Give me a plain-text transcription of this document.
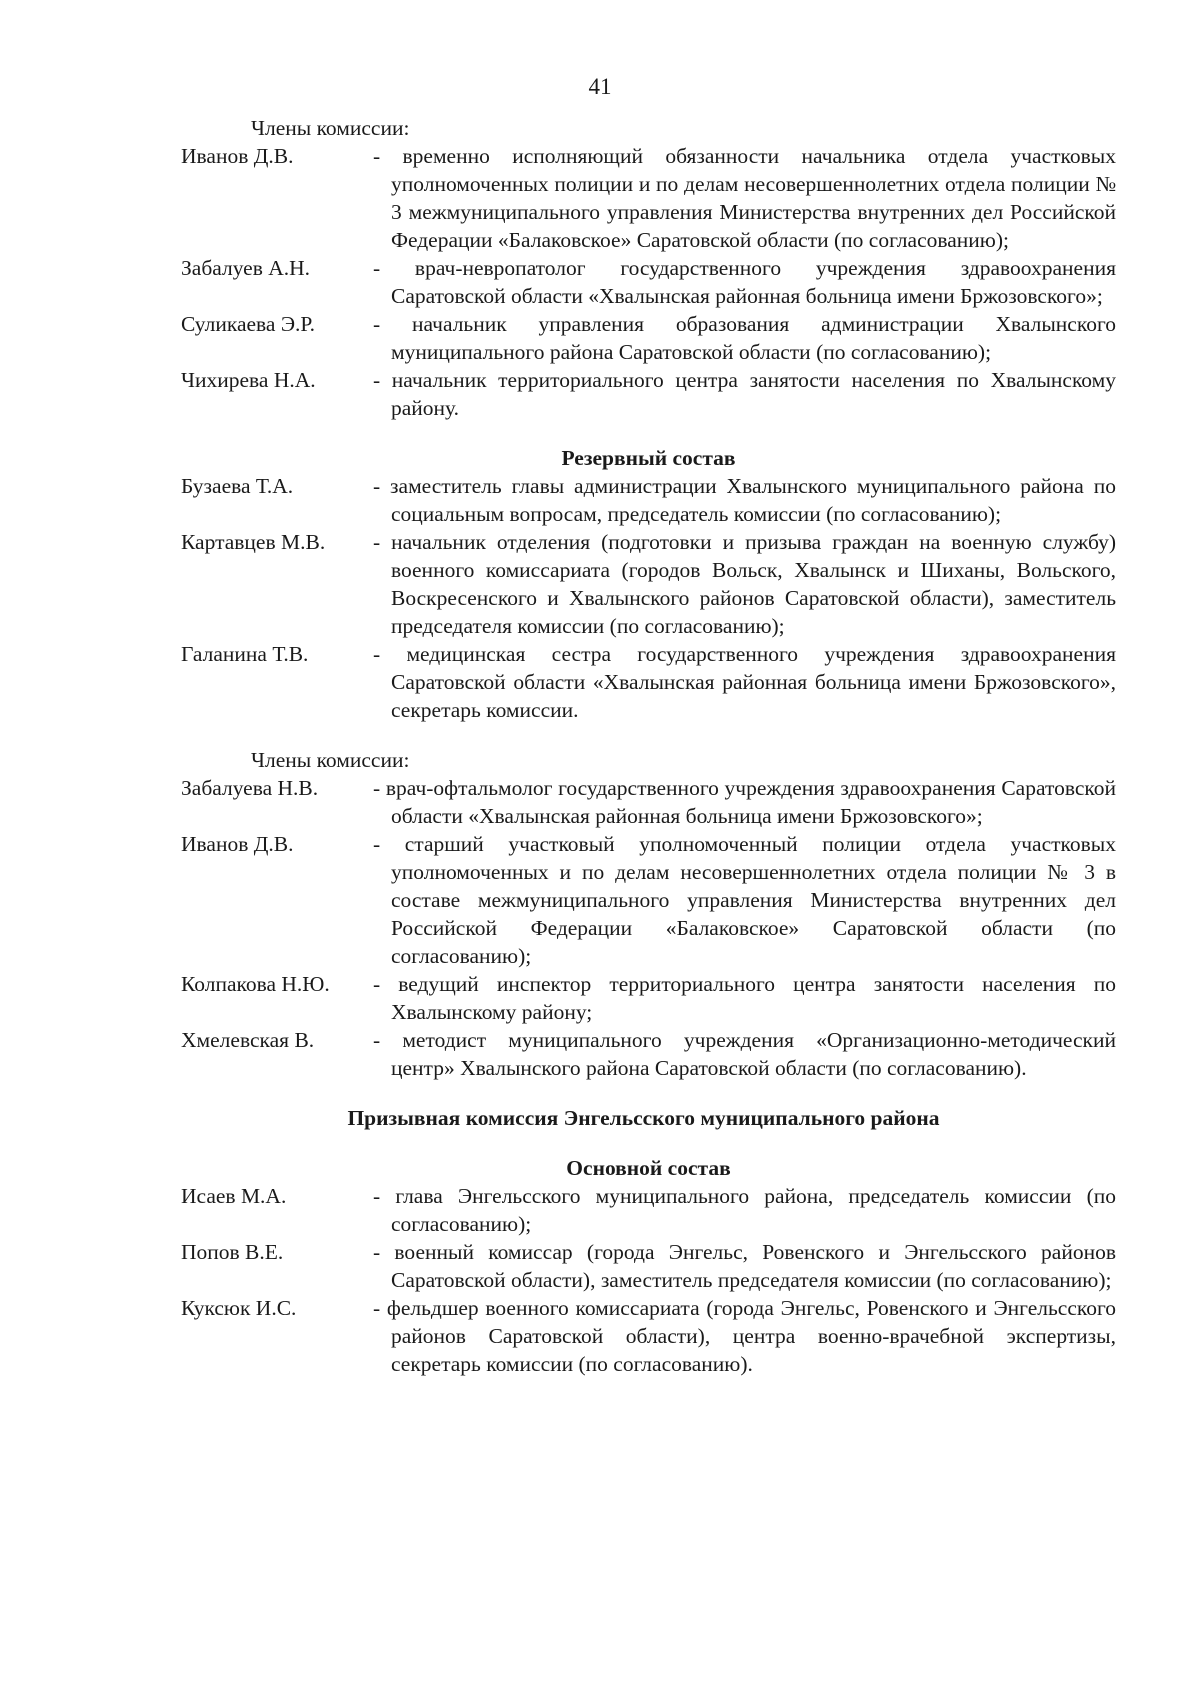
41
Члены комиссии:
Иванов Д.В.	- временно исполняющий обязанности начальника отдела участковых уполномоченных полиции и по делам несовершеннолетних отдела полиции № 3 межмуниципального управления Министерства внутренних дел Российской Федерации «Балаковское» Саратовской области (по согласованию);
Забалуев А.Н.	- врач-невропатолог государственного учреждения здравоохранения Саратовской области «Хвалынская районная больница имени Бржозовского»;
Суликаева Э.Р.	- начальник управления образования администрации Хвалынского муниципального района Саратовской области (по согласованию);
Чихирева Н.А.	- начальник территориального центра занятости населения по Хвалынскому району.
Резервный состав
Бузаева Т.А.	- заместитель главы администрации Хвалынского муниципального района по социальным вопросам, председатель комиссии (по согласованию);
Картавцев М.В.	- начальник отделения (подготовки и призыва граждан на военную службу) военного комиссариата (городов Вольск, Хвалынск и Шиханы, Вольского, Воскресенского и Хвалынского районов Саратовской области), заместитель председателя комиссии (по согласованию);
Галанина Т.В.	- медицинская сестра государственного учреждения здравоохранения Саратовской области «Хвалынская районная больница имени Бржозовского», секретарь комиссии.
Члены комиссии:
Забалуева Н.В.	- врач-офтальмолог государственного учреждения здравоохранения Саратовской области «Хвалынская районная больница имени Бржозовского»;
Иванов Д.В.	- старший участковый уполномоченный полиции отдела участковых уполномоченных и по делам несовершеннолетних отдела полиции № 3 в составе межмуниципального управления Министерства внутренних дел Российской Федерации «Балаковское» Саратовской области (по согласованию);
Колпакова Н.Ю.	- ведущий инспектор территориального центра занятости населения по Хвалынскому району;
Хмелевская В.	- методист муниципального учреждения «Организационно-методический центр» Хвалынского района Саратовской области (по согласованию).
Призывная комиссия Энгельсского муниципального района
Основной состав
Исаев М.А.	- глава Энгельсского муниципального района, председатель комиссии (по согласованию);
Попов В.Е.	- военный комиссар (города Энгельс, Ровенского и Энгельсского районов Саратовской области), заместитель председателя комиссии (по согласованию);
Куксюк И.С.	- фельдшер военного комиссариата (города Энгельс, Ровенского и Энгельсского районов Саратовской области), центра военно-врачебной экспертизы, секретарь комиссии (по согласованию).
